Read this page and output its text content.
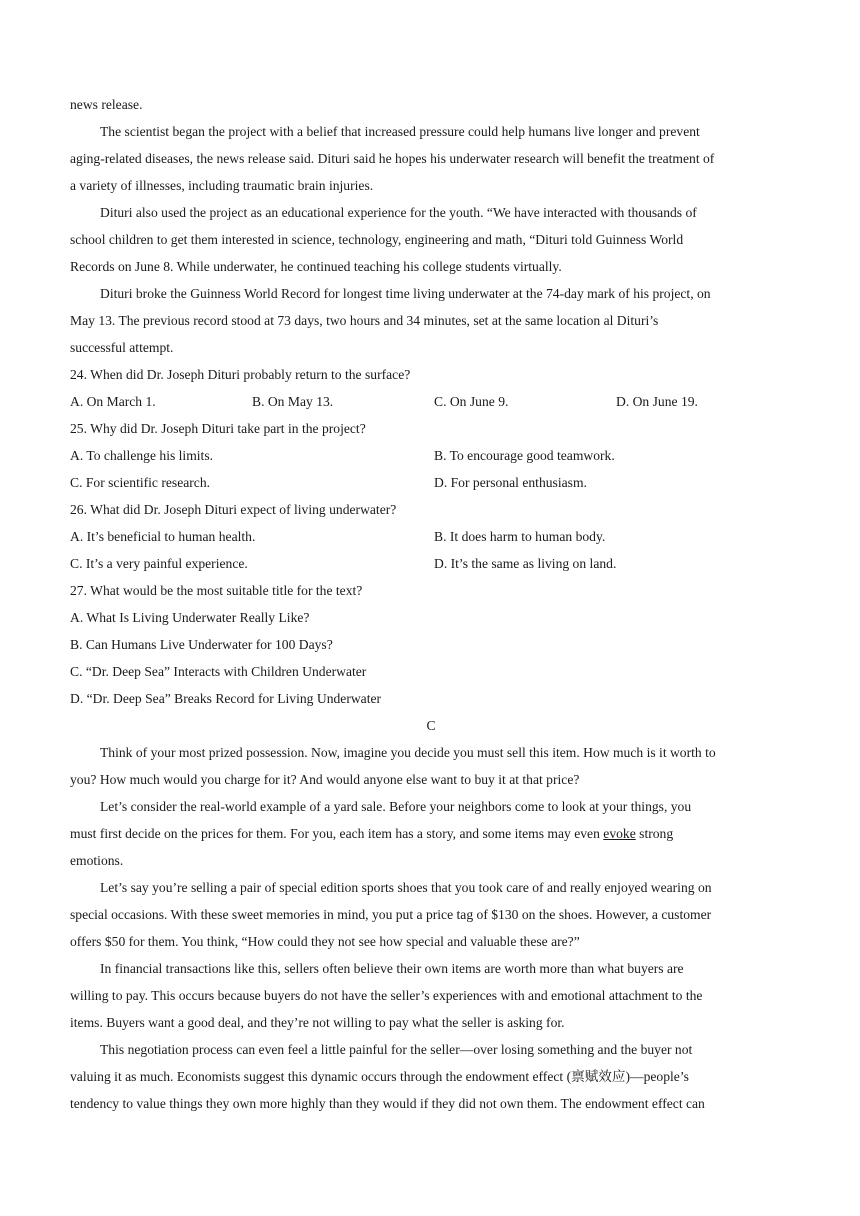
news release.
The scientist began the project with a belief that increased pressure could help humans live longer and prevent
aging-related diseases, the news release said. Dituri said he hopes his underwater research will benefit the treatment of
a variety of illnesses, including traumatic brain injuries.
Dituri also used the project as an educational experience for the youth. “We have interacted with thousands of
school children to get them interested in science, technology, engineering and math, “Dituri told Guinness World
Records on June 8. While underwater, he continued teaching his college students virtually.
Dituri broke the Guinness World Record for longest time living underwater at the 74-day mark of his project, on
May 13. The previous record stood at 73 days, two hours and 34 minutes, set at the same location al Dituri’s
successful attempt.
24. When did Dr. Joseph Dituri probably return to the surface?
A. On March 1.	B. On May 13.	C. On June 9.	D. On June 19.
25. Why did Dr. Joseph Dituri take part in the project?
A. To challenge his limits.	B. To encourage good teamwork.
C. For scientific research.	D. For personal enthusiasm.
26. What did Dr. Joseph Dituri expect of living underwater?
A. It’s beneficial to human health.	B. It does harm to human body.
C. It’s a very painful experience.	D. It’s the same as living on land.
27. What would be the most suitable title for the text?
A. What Is Living Underwater Really Like?
B. Can Humans Live Underwater for 100 Days?
C. “Dr. Deep Sea” Interacts with Children Underwater
D. “Dr. Deep Sea” Breaks Record for Living Underwater
C
Think of your most prized possession. Now, imagine you decide you must sell this item. How much is it worth to
you? How much would you charge for it? And would anyone else want to buy it at that price?
Let’s consider the real-world example of a yard sale. Before your neighbors come to look at your things, you
must first decide on the prices for them. For you, each item has a story, and some items may even evoke strong
emotions.
Let’s say you’re selling a pair of special edition sports shoes that you took care of and really enjoyed wearing on
special occasions. With these sweet memories in mind, you put a price tag of $130 on the shoes. However, a customer
offers $50 for them. You think, “How could they not see how special and valuable these are?”
In financial transactions like this, sellers often believe their own items are worth more than what buyers are
willing to pay. This occurs because buyers do not have the seller’s experiences with and emotional attachment to the
items. Buyers want a good deal, and they’re not willing to pay what the seller is asking for.
This negotiation process can even feel a little painful for the seller—over losing something and the buyer not
valuing it as much. Economists suggest this dynamic occurs through the endowment effect (禀赋效应)—people’s
tendency to value things they own more highly than they would if they did not own them. The endowment effect can
